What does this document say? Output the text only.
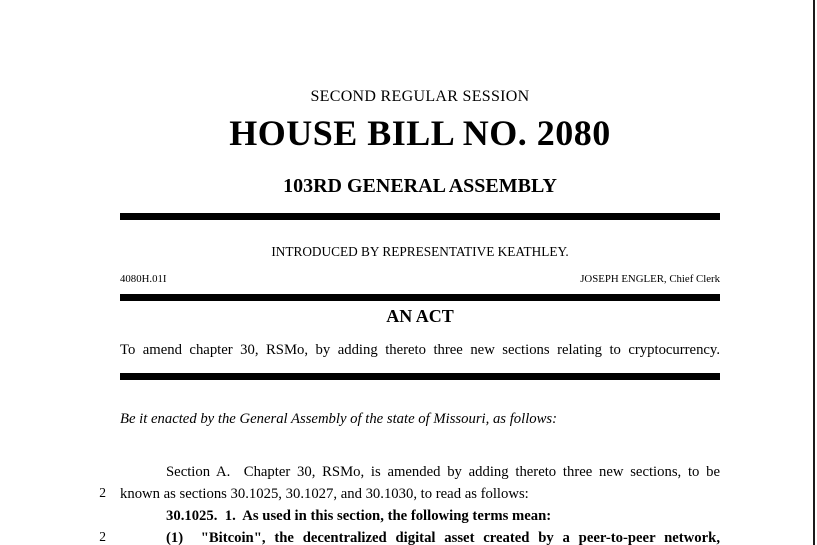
SECOND REGULAR SESSION
HOUSE BILL NO. 2080
103RD GENERAL ASSEMBLY
INTRODUCED BY REPRESENTATIVE KEATHLEY.
4080H.01I	JOSEPH ENGLER, Chief Clerk
AN ACT
To amend chapter 30, RSMo, by adding thereto three new sections relating to cryptocurrency.
Be it enacted by the General Assembly of the state of Missouri, as follows:
Section A.  Chapter 30, RSMo, is amended by adding thereto three new sections, to be
2 known as sections 30.1025, 30.1027, and 30.1030, to read as follows:
30.1025.  1.  As used in this section, the following terms mean:
2	(1)  "Bitcoin", the decentralized digital asset created by a peer-to-peer network,
